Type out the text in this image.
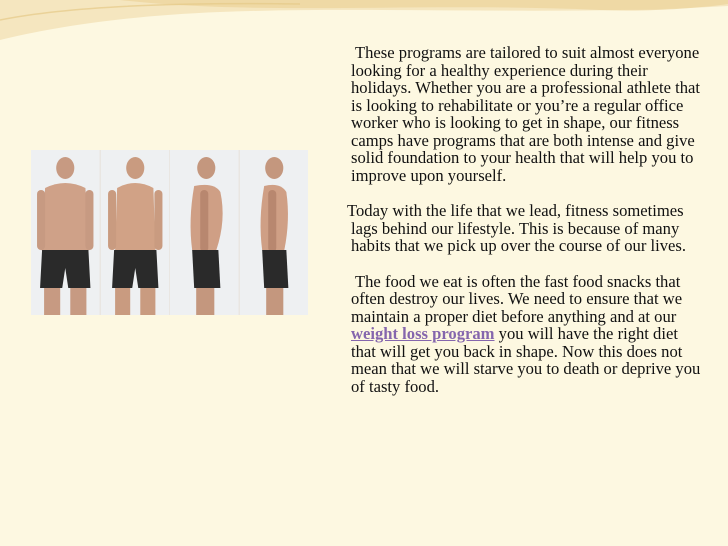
These programs are tailored to suit almost everyone looking for a healthy experience during their holidays. Whether you are a professional athlete that is looking to rehabilitate or you’re a regular office worker who is looking to get in shape, our fitness camps have programs that are both intense and give solid foundation to your health that will help you to improve upon yourself.

Today with the life that we lead, fitness sometimes lags behind our lifestyle. This is because of many habits that we pick up over the course of our lives.

The food we eat is often the fast food snacks that often destroy our lives. We need to ensure that we maintain a proper diet before anything and at our weight loss program you will have the right diet that will get you back in shape. Now this does not mean that we will starve you to death or deprive you of tasty food.
